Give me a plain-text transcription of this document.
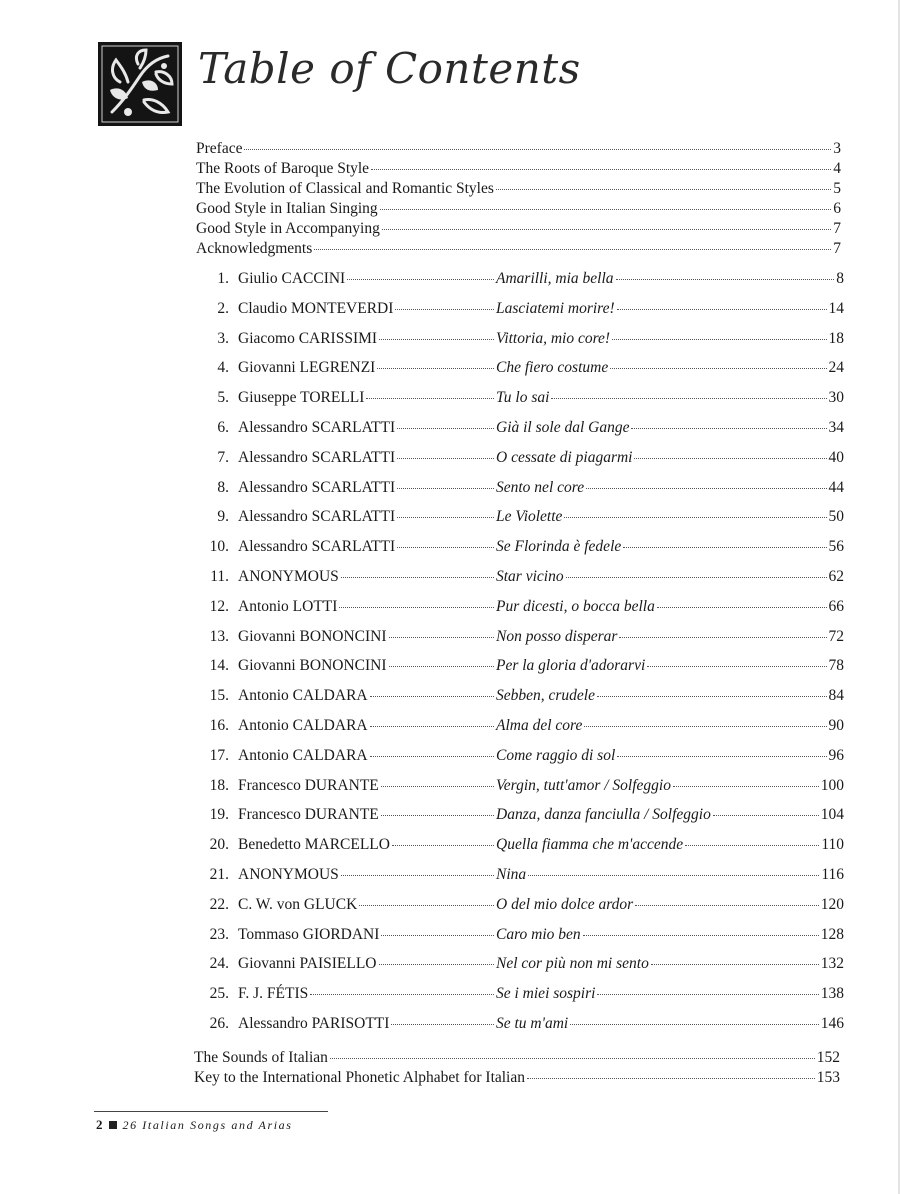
Table of Contents
Preface	3
The Roots of Baroque Style	4
The Evolution of Classical and Romantic Styles	5
Good Style in Italian Singing	6
Good Style in Accompanying	7
Acknowledgments	7
1. Giulio CACCINI	Amarilli, mia bella	8
2. Claudio MONTEVERDI	Lasciatemi morire!	14
3. Giacomo CARISSIMI	Vittoria, mio core!	18
4. Giovanni LEGRENZI	Che fiero costume	24
5. Giuseppe TORELLI	Tu lo sai	30
6. Alessandro SCARLATTI	Già il sole dal Gange	34
7. Alessandro SCARLATTI	O cessate di piagarmi	40
8. Alessandro SCARLATTI	Sento nel core	44
9. Alessandro SCARLATTI	Le Violette	50
10. Alessandro SCARLATTI	Se Florinda è fedele	56
11. ANONYMOUS	Star vicino	62
12. Antonio LOTTI	Pur dicesti, o bocca bella	66
13. Giovanni BONONCINI	Non posso disperar	72
14. Giovanni BONONCINI	Per la gloria d'adorarvi	78
15. Antonio CALDARA	Sebben, crudele	84
16. Antonio CALDARA	Alma del core	90
17. Antonio CALDARA	Come raggio di sol	96
18. Francesco DURANTE	Vergin, tutt'amor / Solfeggio	100
19. Francesco DURANTE	Danza, danza fanciulla / Solfeggio	104
20. Benedetto MARCELLO	Quella fiamma che m'accende	110
21. ANONYMOUS	Nina	116
22. C. W. von GLUCK	O del mio dolce ardor	120
23. Tommaso GIORDANI	Caro mio ben	128
24. Giovanni PAISIELLO	Nel cor più non mi sento	132
25. F. J. FÉTIS	Se i miei sospiri	138
26. Alessandro PARISOTTI	Se tu m'ami	146
The Sounds of Italian	152
Key to the International Phonetic Alphabet for Italian	153
2 26 Italian Songs and Arias
